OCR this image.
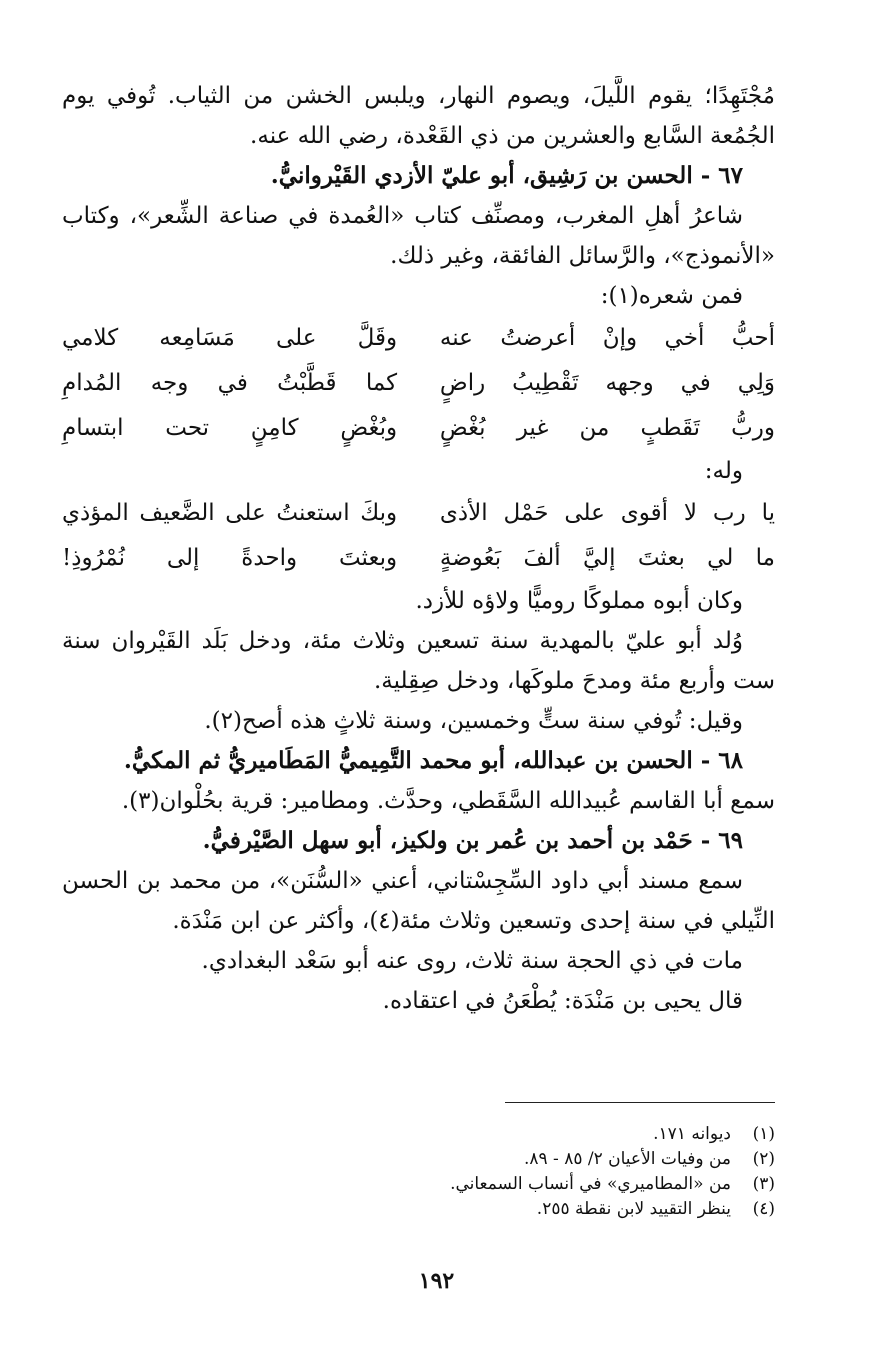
مُجْتَهِدًا؛ يقوم اللَّيلَ، ويصوم النهار، ويلبس الخشن من الثياب. تُوفي يوم
الجُمُعة السَّابع والعشرين من ذي القَعْدة، رضي الله عنه.
٦٧ - الحسن بن رَشِيق، أبو عليّ الأزدي القَيْروانيُّ.
شاعرُ أهلِ المغرب، ومصنِّف كتاب «العُمدة في صناعة الشِّعر»، وكتاب
«الأنموذج»، والرَّسائل الفائقة، وغير ذلك.
فمن شعره(١):
أحبُّ أخي وإنْ أعرضتُ عنه
وقَلَّ على مَسَامِعه كلامي
وَلِي في وجهه تَقْطِيبُ راضٍ
كما قَطَّبْتُ في وجه المُدامِ
وربُّ تَقَطبٍ من غير بُغْضٍ
وبُغْضٍ كامِنٍ تحت ابتسامِ
وله:
يا رب لا أقوى على حَمْل الأذى
وبكَ استعنتُ على الضَّعيف المؤذي
ما لي بعثتَ إليَّ ألفَ بَعُوضةٍ
وبعثتَ واحدةً إلى نُمْرُوذِ!
وكان أبوه مملوكًا روميًّا ولاؤه للأزد.
وُلد أبو عليّ بالمهدية سنة تسعين وثلاث مئة، ودخل بَلَد القَيْروان سنة
ست وأربع مئة ومدحَ ملوكَها، ودخل صِقِلية.
وقيل: تُوفي سنة ستٍّ وخمسين، وسنة ثلاثٍ هذه أصح(٢).
٦٨ - الحسن بن عبدالله، أبو محمد التَّمِيميُّ المَطَاميريُّ ثم المكيُّ.
سمع أبا القاسم عُبيدالله السَّقَطي، وحدَّث. ومطامير: قرية بحُلْوان(٣).
٦٩ - حَمْد بن أحمد بن عُمر بن ولكيز، أبو سهل الصَّيْرفيُّ.
سمع مسند أبي داود السِّجِسْتاني، أعني «السُّنَن»، من محمد بن الحسن
النِّيلي في سنة إحدى وتسعين وثلاث مئة(٤)، وأكثر عن ابن مَنْدَة.
مات في ذي الحجة سنة ثلاث، روى عنه أبو سَعْد البغدادي.
قال يحيى بن مَنْدَة: يُطْعَنُ في اعتقاده.
(١)
ديوانه ١٧١.
(٢)
من وفيات الأعيان ٢/ ٨٥ - ٨٩.
(٣)
من «المطاميري» في أنساب السمعاني.
(٤)
ينظر التقييد لابن نقطة ٢٥٥.
١٩٢
